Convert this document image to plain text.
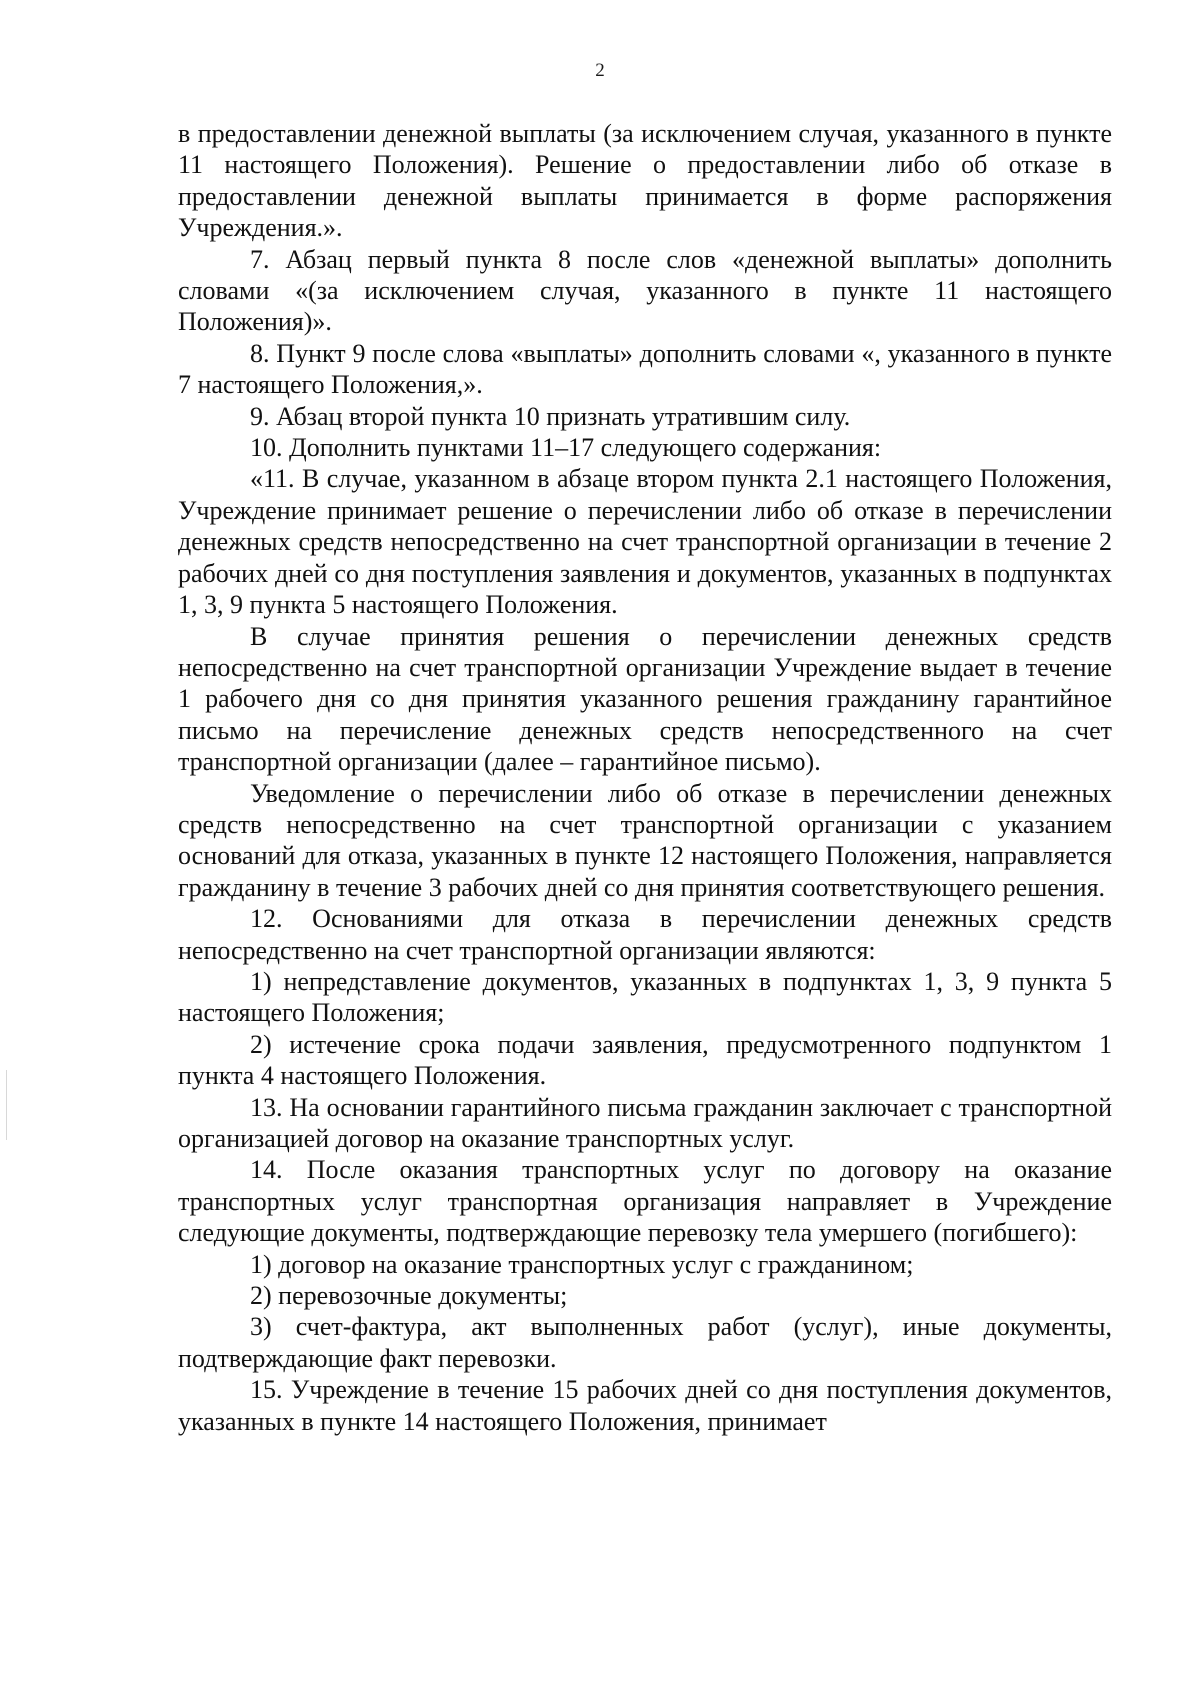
2

в предоставлении денежной выплаты (за исключением случая, указанного в пункте 11 настоящего Положения). Решение о предоставлении либо об отказе в предоставлении денежной выплаты принимается в форме распоряжения Учреждения.».

7. Абзац первый пункта 8 после слов «денежной выплаты» дополнить словами «(за исключением случая, указанного в пункте 11 настоящего Положения)».

8. Пункт 9 после слова «выплаты» дополнить словами «, указанного в пункте 7 настоящего Положения,».

9. Абзац второй пункта 10 признать утратившим силу.

10. Дополнить пунктами 11–17 следующего содержания:

«11. В случае, указанном в абзаце втором пункта 2.1 настоящего Положения, Учреждение принимает решение о перечислении либо об отказе в перечислении денежных средств непосредственно на счет транспортной организации в течение 2 рабочих дней со дня поступления заявления и документов, указанных в подпунктах 1, 3, 9 пункта 5 настоящего Положения.

В случае принятия решения о перечислении денежных средств непосредственно на счет транспортной организации Учреждение выдает в течение 1 рабочего дня со дня принятия указанного решения гражданину гарантийное письмо на перечисление денежных средств непосредственного на счет транспортной организации (далее – гарантийное письмо).

Уведомление о перечислении либо об отказе в перечислении денежных средств непосредственно на счет транспортной организации с указанием оснований для отказа, указанных в пункте 12 настоящего Положения, направляется гражданину в течение 3 рабочих дней со дня принятия соответствующего решения.

12. Основаниями для отказа в перечислении денежных средств непосредственно на счет транспортной организации являются:

1) непредставление документов, указанных в подпунктах 1, 3, 9 пункта 5 настоящего Положения;

2) истечение срока подачи заявления, предусмотренного подпунктом 1 пункта 4 настоящего Положения.

13. На основании гарантийного письма гражданин заключает с транспортной организацией договор на оказание транспортных услуг.

14. После оказания транспортных услуг по договору на оказание транспортных услуг транспортная организация направляет в Учреждение следующие документы, подтверждающие перевозку тела умершего (погибшего):

1) договор на оказание транспортных услуг с гражданином;

2) перевозочные документы;

3) счет-фактура, акт выполненных работ (услуг), иные документы, подтверждающие факт перевозки.

15. Учреждение в течение 15 рабочих дней со дня поступления документов, указанных в пункте 14 настоящего Положения, принимает
